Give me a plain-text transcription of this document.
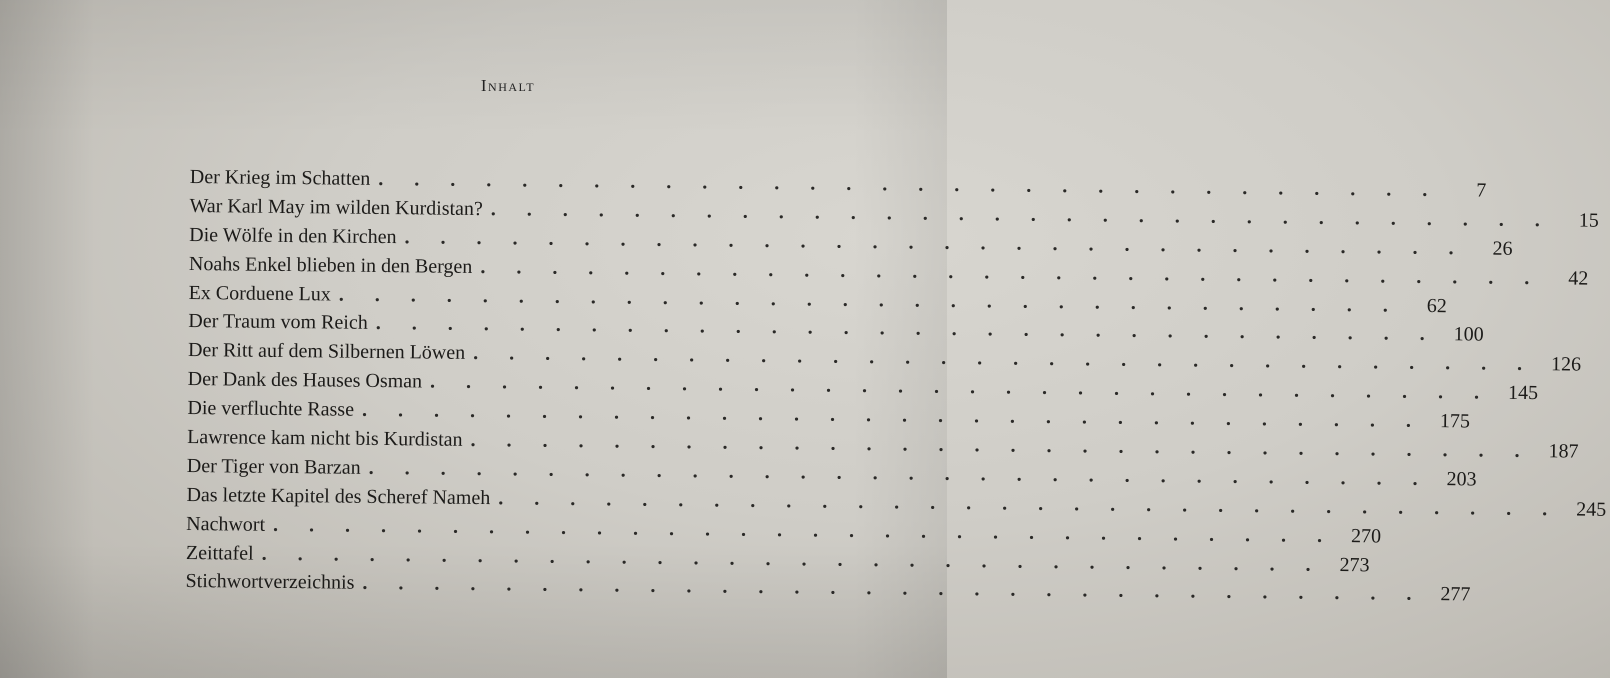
Inhalt
Der Krieg im Schatten . . . . . . . . . . . . . . . . . . . . . . . . . . . . . .	7
War Karl May im wilden Kurdistan? . . . . . . . . . . . . . . . . . . . . . . . . . . . . . .	15
Die Wölfe in den Kirchen . . . . . . . . . . . . . . . . . . . . . . . . . . . . . .	26
Noahs Enkel blieben in den Bergen . . . . . . . . . . . . . . . . . . . . . . . . . . . . . .	42
Ex Corduene Lux . . . . . . . . . . . . . . . . . . . . . . . . . . . . . .	62
Der Traum vom Reich . . . . . . . . . . . . . . . . . . . . . . . . . . . . . . 100
Der Ritt auf dem Silbernen Löwen . . . . . . . . . . . . . . . . . . . . . . . . . . . . . . 126
Der Dank des Hauses Osman . . . . . . . . . . . . . . . . . . . . . . . . . . . . . . 145
Die verfluchte Rasse . . . . . . . . . . . . . . . . . . . . . . . . . . . . . . 175
Lawrence kam nicht bis Kurdistan . . . . . . . . . . . . . . . . . . . . . . . . . . . . . . 187
Der Tiger von Barzan . . . . . . . . . . . . . . . . . . . . . . . . . . . . . . 203
Das letzte Kapitel des Scheref Nameh . . . . . . . . . . . . . . . . . . . . . . . . . . . . . . 245
Nachwort . . . . . . . . . . . . . . . . . . . . . . . . . . . . . . 270
Zeittafel . . . . . . . . . . . . . . . . . . . . . . . . . . . . . . 273
Stichwortverzeichnis . . . . . . . . . . . . . . . . . . . . . . . . . . . . . . 277
